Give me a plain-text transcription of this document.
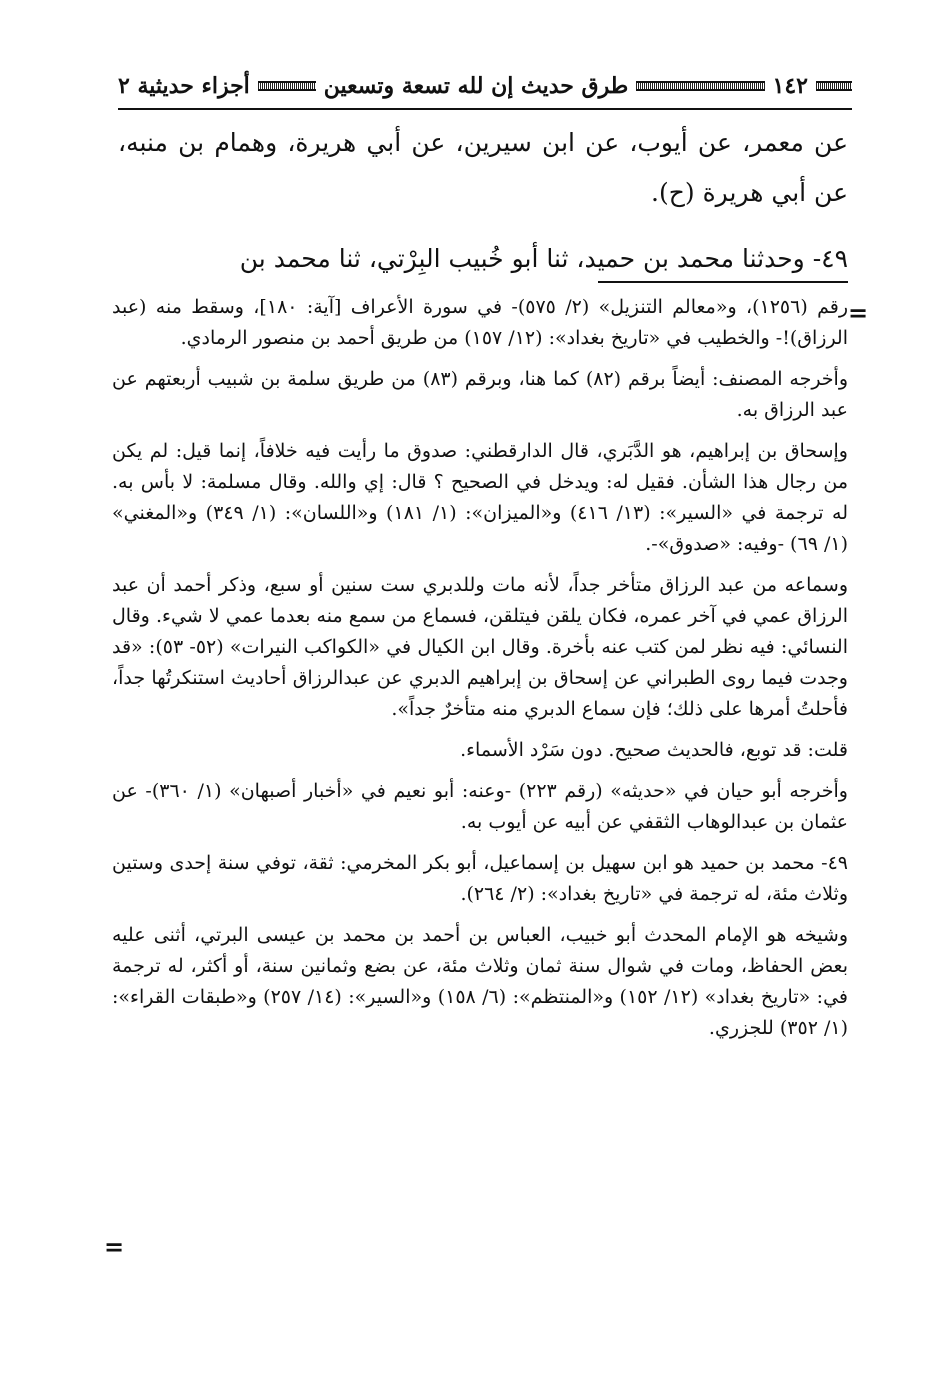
١٤٢
طرق حديث إن لله تسعة وتسعين
أجزاء حديثية ٢

عن معمر، عن أيوب، عن ابن سيرين، عن أبي هريرة، وهمام بن منبه، عن أبي هريرة (ح).

٤٩- وحدثنا محمد بن حميد، ثنا أبو خُبيب البِرْتي، ثنا محمد بن

=

رقم (١٢٥٦)، و«معالم التنزيل» (٢/ ٥٧٥)- في سورة الأعراف [آية: ١٨٠]، وسقط منه (عبد الرزاق)!- والخطيب في «تاريخ بغداد»: (١٢/ ١٥٧) من طريق أحمد بن منصور الرمادي.

وأخرجه المصنف: أيضاً برقم (٨٢) كما هنا، وبرقم (٨٣) من طريق سلمة بن شبيب أربعتهم عن عبد الرزاق به.

وإسحاق بن إبراهيم، هو الدَّبَري، قال الدارقطني: صدوق ما رأيت فيه خلافاً، إنما قيل: لم يكن من رجال هذا الشأن. فقيل له: ويدخل في الصحيح ؟ قال: إي والله. وقال مسلمة: لا بأس به. له ترجمة في «السير»: (١٣/ ٤١٦) و«الميزان»: (١/ ١٨١) و«اللسان»: (١/ ٣٤٩) و«المغني» (١/ ٦٩) -وفيه: «صدوق»-.

وسماعه من عبد الرزاق متأخر جداً، لأنه مات وللدبري ست سنين أو سبع، وذكر أحمد أن عبد الرزاق عمي في آخر عمره، فكان يلقن فيتلقن، فسماع من سمع منه بعدما عمي لا شيء. وقال النسائي: فيه نظر لمن كتب عنه بأخرة. وقال ابن الكيال في «الكواكب النيرات» (٥٢- ٥٣): «قد وجدت فيما روى الطبراني عن إسحاق بن إبراهيم الدبري عن عبدالرزاق أحاديث استنكرتُها جداً، فأحلتُ أمرها على ذلك؛ فإن سماع الدبري منه متأخرٌ جداً».

قلت: قد توبع، فالحديث صحيح. دون سَرْد الأسماء.

وأخرجه أبو حيان في «حديثه» (رقم ٢٢٣) -وعنه: أبو نعيم في «أخبار أصبهان» (١/ ٣٦٠)- عن عثمان بن عبدالوهاب الثقفي عن أبيه عن أيوب به.

٤٩- محمد بن حميد هو ابن سهيل بن إسماعيل، أبو بكر المخرمي: ثقة، توفي سنة إحدى وستين وثلاث مئة، له ترجمة في «تاريخ بغداد»: (٢/ ٢٦٤).

وشيخه هو الإمام المحدث أبو خبيب، العباس بن أحمد بن محمد بن عيسى البرتي، أثنى عليه بعض الحفاظ، ومات في شوال سنة ثمان وثلاث مئة، عن بضع وثمانين سنة، أو أكثر، له ترجمة في: «تاريخ بغداد» (١٢/ ١٥٢) و«المنتظم»: (٦/ ١٥٨) و«السير»: (١٤/ ٢٥٧) و«طبقات القراء»: (١/ ٣٥٢) للجزري.

=
